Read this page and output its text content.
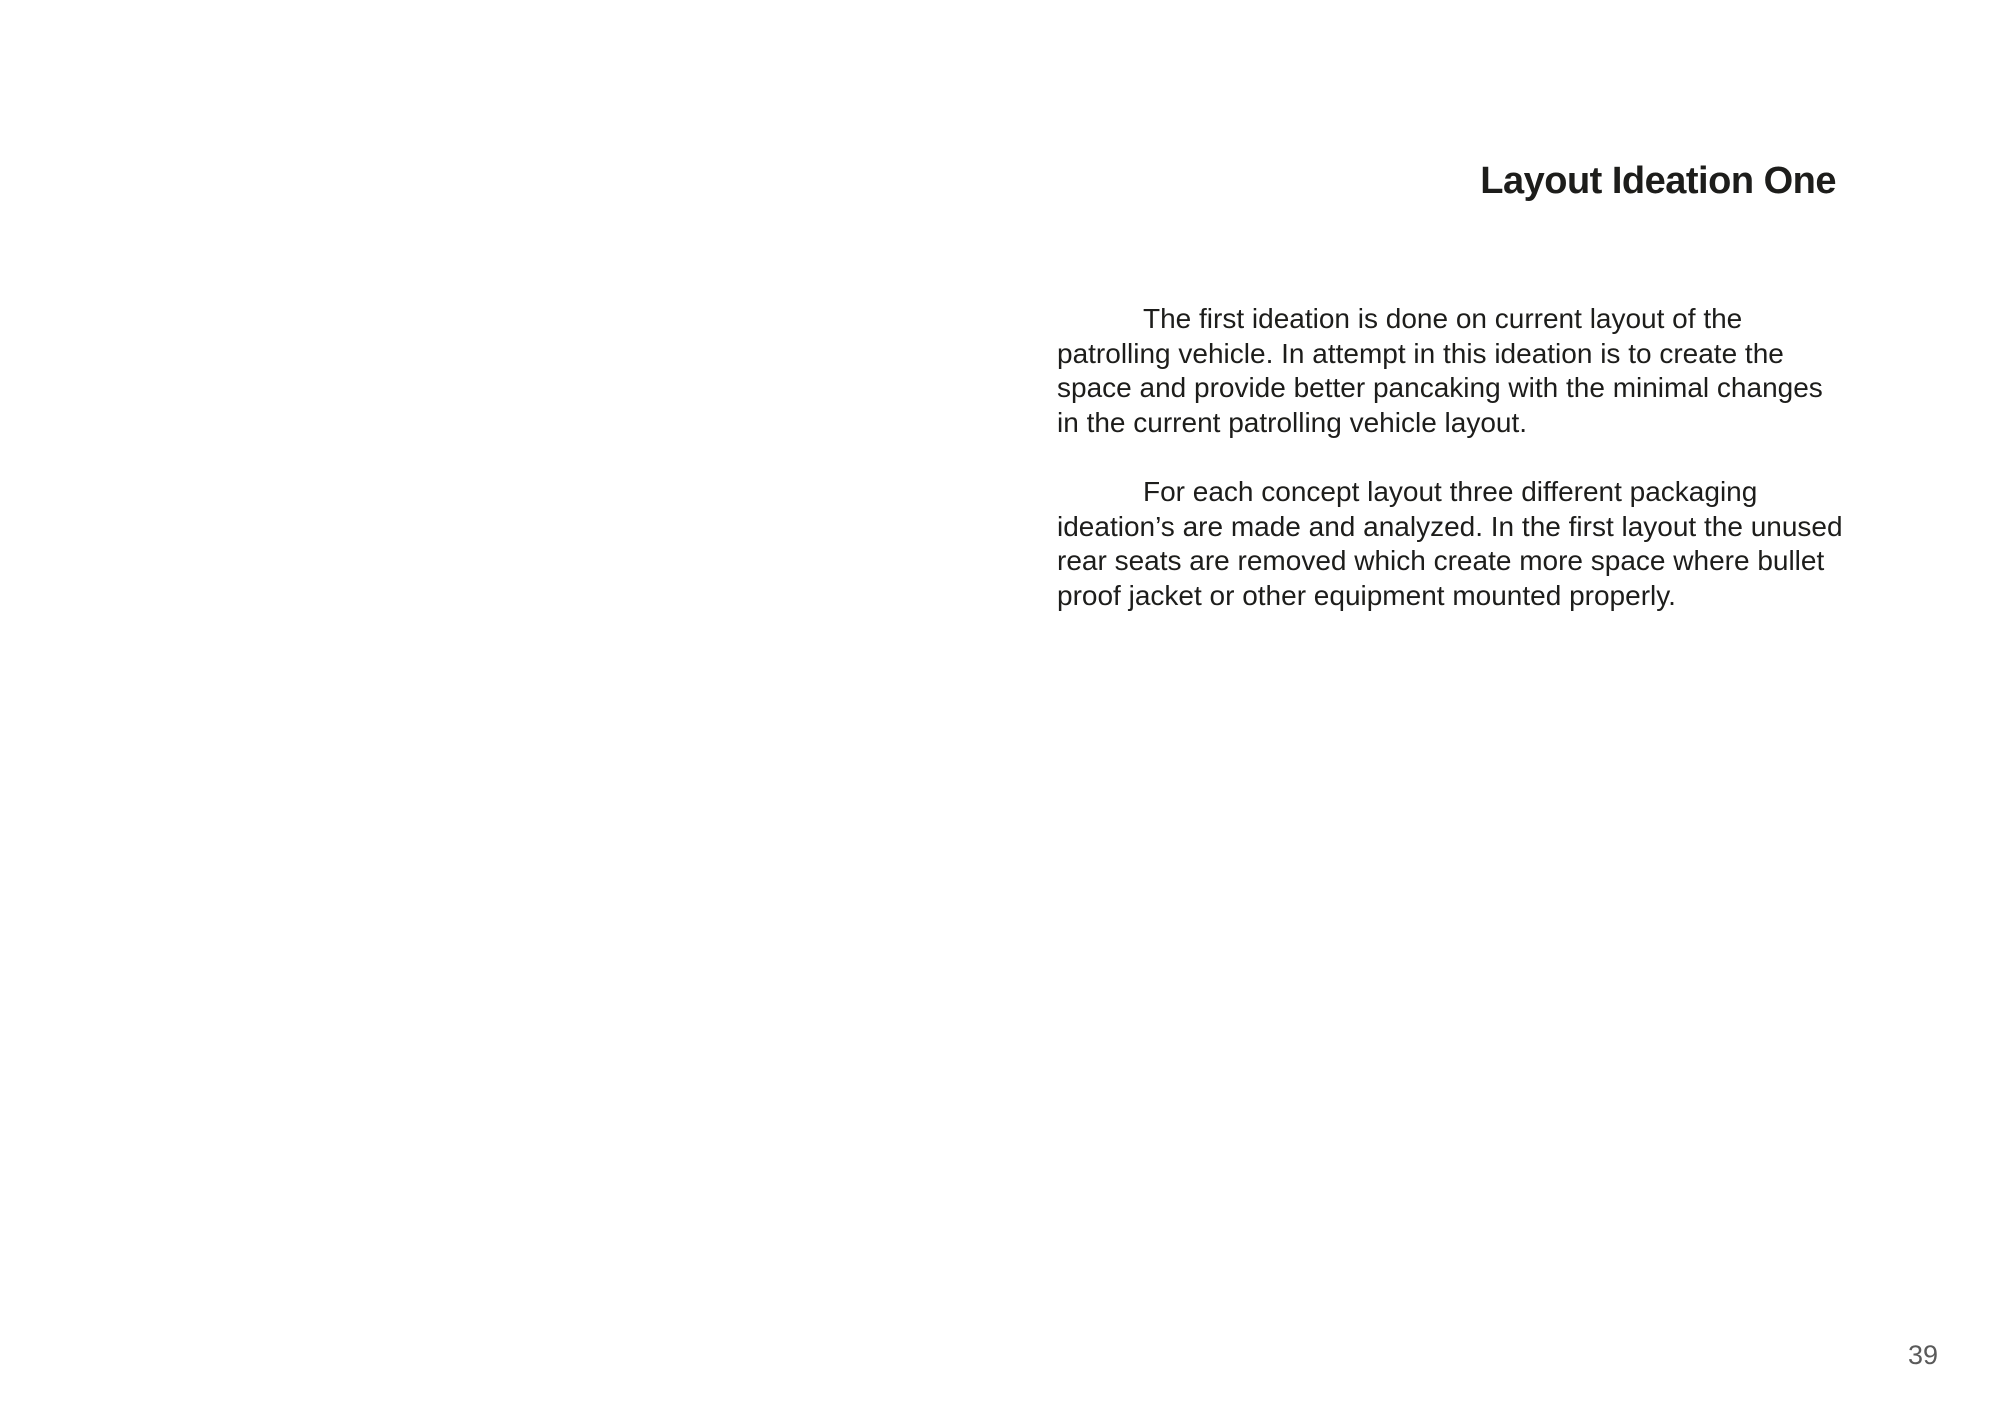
Layout Ideation One

The first ideation is done on current layout of the patrolling vehicle. In attempt in this ideation is to create the space and provide better pancaking with the minimal changes in the current patrolling vehicle layout.

For each concept layout three different packaging ideation’s are made and analyzed. In the first layout the unused rear seats are removed which create more space where bullet proof jacket or other equipment mounted properly.

39
